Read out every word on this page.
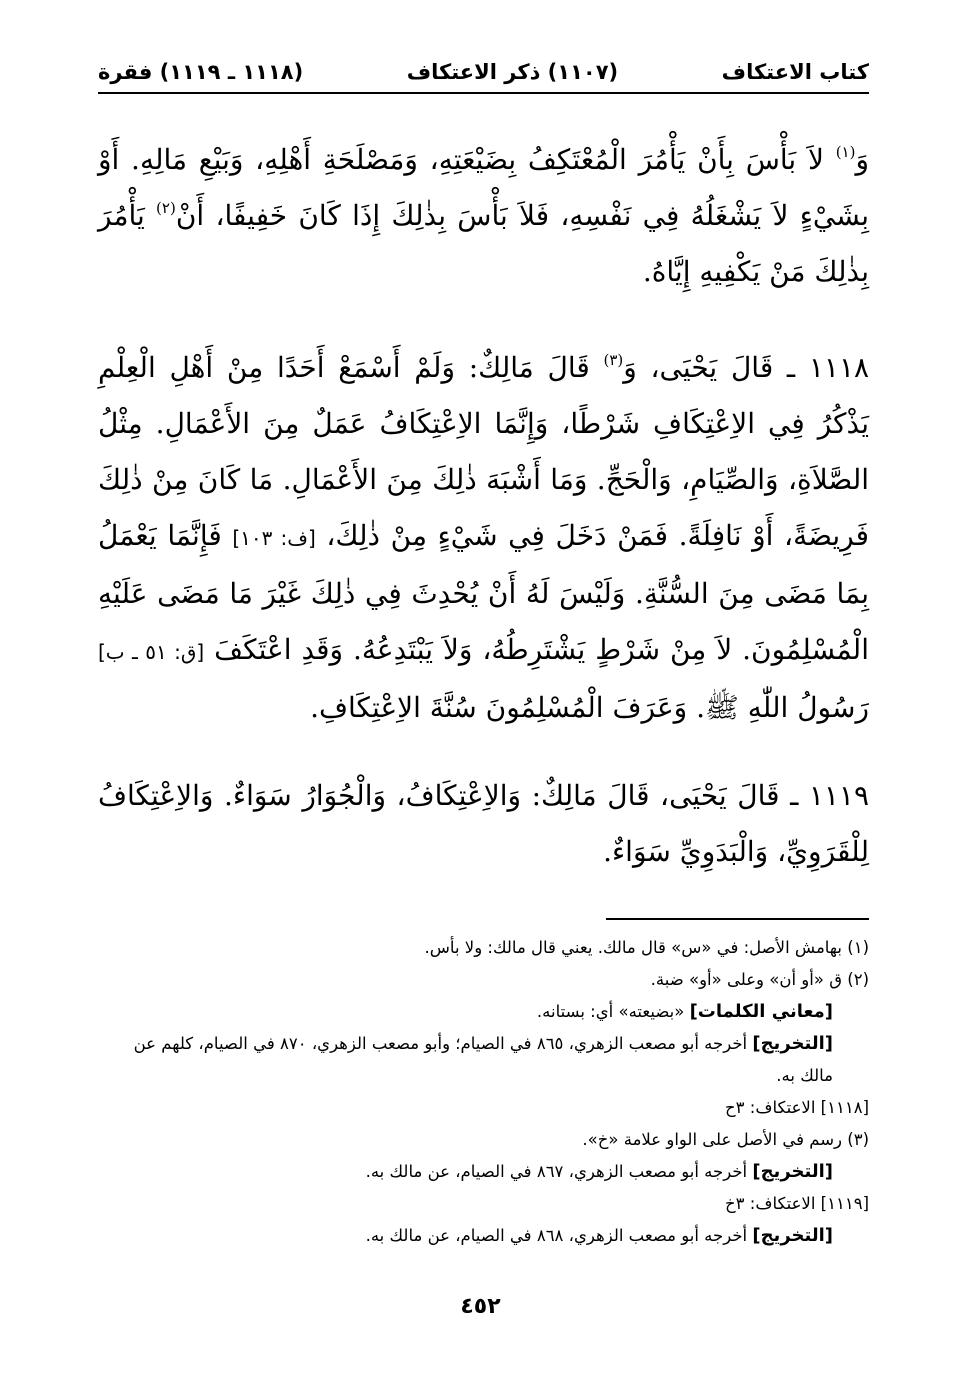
كتاب الاعتكاف
(١١٠٧) ذكر الاعتكاف
(١١١٨ ـ ١١١٩) فقرة

وَ$^{(١)}$ لاَ بَأْسَ بِأَنْ يَأْمُرَ الْمُعْتَكِفُ بِضَيْعَتِهِ، وَمَصْلَحَةِ أَهْلِهِ، وَبَيْعِ مَالِهِ. أَوْ بِشَيْءٍ لاَ يَشْغَلُهُ فِي نَفْسِهِ، فَلاَ بَأْسَ بِذٰلِكَ إِذَا كَانَ خَفِيفًا، أَنْ$^{(٢)}$ يَأْمُرَ بِذٰلِكَ مَنْ يَكْفِيهِ إِيَّاهُ.

١١١٨ ـ قَالَ يَحْيَى، وَ$^{(٣)}$ قَالَ مَالِكٌ: وَلَمْ أَسْمَعْ أَحَدًا مِنْ أَهْلِ الْعِلْمِ يَذْكُرُ فِي الاِعْتِكَافِ شَرْطًا، وَإِنَّمَا الاِعْتِكَافُ عَمَلٌ مِنَ الأَعْمَالِ. مِثْلُ الصَّلاَةِ، وَالصِّيَامِ، وَالْحَجِّ. وَمَا أَشْبَهَ ذٰلِكَ مِنَ الأَعْمَالِ. مَا كَانَ مِنْ ذٰلِكَ فَرِيضَةً، أَوْ نَافِلَةً. فَمَنْ دَخَلَ فِي شَيْءٍ مِنْ ذٰلِكَ، [ف: ١٠٣] فَإِنَّمَا يَعْمَلُ بِمَا مَضَى مِنَ السُّنَّةِ. وَلَيْسَ لَهُ أَنْ يُحْدِثَ فِي ذٰلِكَ غَيْرَ مَا مَضَى عَلَيْهِ الْمُسْلِمُونَ. لاَ مِنْ شَرْطٍ يَشْتَرِطُهُ، وَلاَ يَبْتَدِعُهُ. وَقَدِ اعْتَكَفَ [ق: ٥١ ـ ب] رَسُولُ اللّٰهِ ﷺ. وَعَرَفَ الْمُسْلِمُونَ سُنَّةَ الاِعْتِكَافِ.

١١١٩ ـ قَالَ يَحْيَى، قَالَ مَالِكٌ: وَالاِعْتِكَافُ، وَالْجُوَارُ سَوَاءٌ. وَالاِعْتِكَافُ لِلْقَرَوِيِّ، وَالْبَدَوِيِّ سَوَاءٌ.

(١) بهامش الأصل: في «س» قال مالك. يعني قال مالك: ولا بأس.

(٢) ق «أو أن» وعلى «أو» ضبة.

[معاني الكلمات] «بضيعته» أي: بستانه.

[التخريج] أخرجه أبو مصعب الزهري، ٨٦٥ في الصيام؛ وأبو مصعب الزهري، ٨٧٠ في الصيام، كلهم عن مالك به.

[١١١٨] الاعتكاف: ٣ح

(٣) رسم في الأصل على الواو علامة «خ».

[التخريج] أخرجه أبو مصعب الزهري، ٨٦٧ في الصيام، عن مالك به.

[١١١٩] الاعتكاف: ٣خ

[التخريج] أخرجه أبو مصعب الزهري، ٨٦٨ في الصيام، عن مالك به.

٤٥٢
